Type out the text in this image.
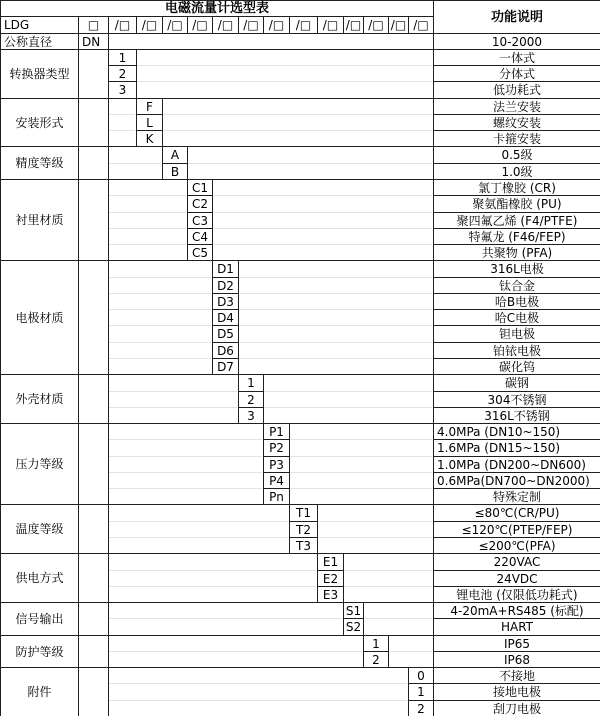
电磁流量计选型表
功能说明
LDG	□	/□ /□ /□ /□ /□ /□ /□ /□ /□ /□ /□ /□ /□
公称直径	DN	10-2000
转换器类型
1	一体式
2	分体式
3	低功耗式
安装形式
F	法兰安装
L	螺纹安装
K	卡箍安装
精度等级
A	0.5级
B	1.0级
衬里材质
C1	氯丁橡胶 (CR)
C2	聚氨酯橡胶 (PU)
C3	聚四氟乙烯 (F4/PTFE)
C4	特氟龙 (F46/FEP)
C5	共聚物 (PFA)
电极材质
D1	316L电极
D2	钛合金
D3	哈B电极
D4	哈C电极
D5	钽电极
D6	铂铱电极
D7	碳化钨
外壳材质
1	碳钢
2	304不锈钢
3	316L不锈钢
压力等级
P1	4.0MPa (DN10~150)
P2	1.6MPa (DN15~150)
P3	1.0MPa (DN200~DN600)
P4	0.6MPa(DN700~DN2000)
Pn	特殊定制
温度等级
T1	≤80℃(CR/PU)
T2	≤120℃(PTEP/FEP)
T3	≤200℃(PFA)
供电方式
E1	220VAC
E2	24VDC
E3	锂电池 (仅限低功耗式)
信号输出
S1	4-20mA+RS485 (标配)
S2	HART
防护等级
1	IP65
2	IP68
附件
0	不接地
1	接地电极
2	刮刀电极
